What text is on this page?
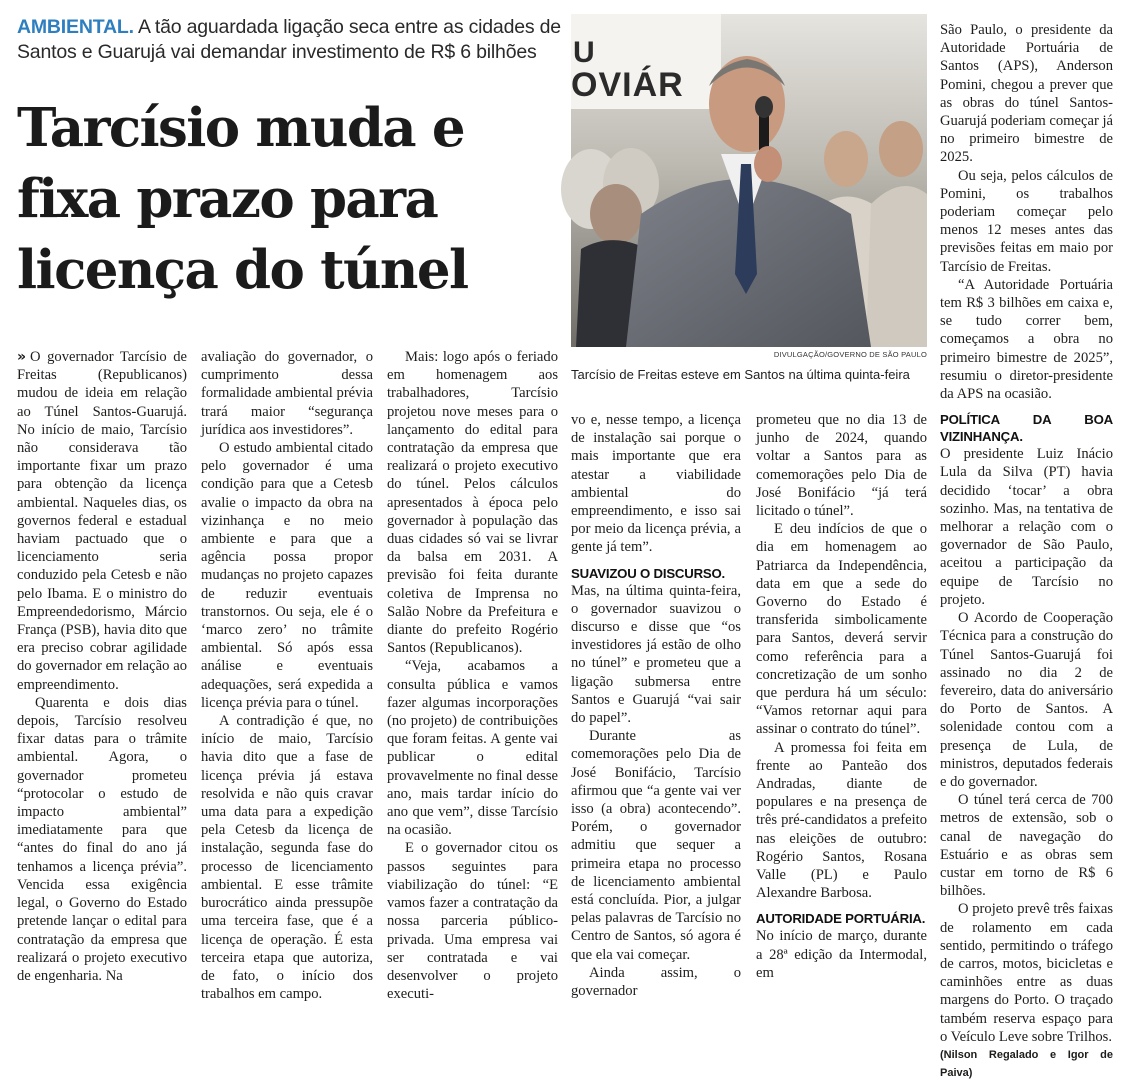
AMBIENTAL. A tão aguardada ligação seca entre as cidades de Santos e Guarujá vai demandar investimento de R$ 6 bilhões
Tarcísio muda e
fixa prazo para
licença do túnel
U
OVIÁR
DIVULGAÇÃO/GOVERNO DE SÃO PAULO
Tarcísio de Freitas esteve em Santos na última quinta-feira

» O governador Tarcísio de Freitas (Republicanos) mudou de ideia em relação ao Túnel Santos-Guarujá. No início de maio, Tarcísio não considerava tão importante fixar um prazo para obtenção da licença ambiental. Naqueles dias, os governos federal e estadual haviam pactuado que o licenciamento seria conduzido pela Cetesb e não pelo Ibama. E o ministro do Empreendedorismo, Márcio França (PSB), havia dito que era preciso cobrar agilidade do governador em relação ao empreendimento.

Quarenta e dois dias depois, Tarcísio resolveu fixar datas para o trâmite ambiental. Agora, o governador prometeu “protocolar o estudo de impacto ambiental” imediatamente para que “antes do final do ano já tenhamos a licença prévia”. Vencida essa exigência legal, o Governo do Estado pretende lançar o edital para contratação da empresa que realizará o projeto executivo de engenharia. Na

avaliação do governador, o cumprimento dessa formalidade ambiental prévia trará maior “segurança jurídica aos investidores”.

O estudo ambiental citado pelo governador é uma condição para que a Cetesb avalie o impacto da obra na vizinhança e no meio ambiente e para que a agência possa propor mudanças no projeto capazes de reduzir eventuais transtornos. Ou seja, ele é o ‘marco zero’ no trâmite ambiental. Só após essa análise e eventuais adequações, será expedida a licença prévia para o túnel.

A contradição é que, no início de maio, Tarcísio havia dito que a fase de licença prévia já estava resolvida e não quis cravar uma data para a expedição pela Cetesb da licença de instalação, segunda fase do processo de licenciamento ambiental. E esse trâmite burocrático ainda pressupõe uma terceira fase, que é a licença de operação. É esta terceira etapa que autoriza, de fato, o início dos trabalhos em campo.

Mais: logo após o feriado em homenagem aos trabalhadores, Tarcísio projetou nove meses para o lançamento do edital para contratação da empresa que realizará o projeto executivo do túnel. Pelos cálculos apresentados à época pelo governador à população das duas cidades só vai se livrar da balsa em 2031. A previsão foi feita durante coletiva de Imprensa no Salão Nobre da Prefeitura e diante do prefeito Rogério Santos (Republicanos).

“Veja, acabamos a consulta pública e vamos fazer algumas incorporações (no projeto) de contribuições que foram feitas. A gente vai publicar o edital provavelmente no final desse ano, mais tardar início do ano que vem”, disse Tarcísio na ocasião.

E o governador citou os passos seguintes para viabilização do túnel: “E vamos fazer a contratação da nossa parceria público-privada. Uma empresa vai ser contratada e vai desenvolver o projeto executi-

vo e, nesse tempo, a licença de instalação sai porque o mais importante que era atestar a viabilidade ambiental do empreendimento, e isso sai por meio da licença prévia, a gente já tem”.

SUAVIZOU O DISCURSO.

Mas, na última quinta-feira, o governador suavizou o discurso e disse que “os investidores já estão de olho no túnel” e prometeu que a ligação submersa entre Santos e Guarujá “vai sair do papel”.

Durante as comemorações pelo Dia de José Bonifácio, Tarcísio afirmou que “a gente vai ver isso (a obra) acontecendo”. Porém, o governador admitiu que sequer a primeira etapa no processo de licenciamento ambiental está concluída. Pior, a julgar pelas palavras de Tarcísio no Centro de Santos, só agora é que ela vai começar.

Ainda assim, o governador

prometeu que no dia 13 de junho de 2024, quando voltar a Santos para as comemorações pelo Dia de José Bonifácio “já terá licitado o túnel”.

E deu indícios de que o dia em homenagem ao Patriarca da Independência, data em que a sede do Governo do Estado é transferida simbolicamente para Santos, deverá servir como referência para a concretização de um sonho que perdura há um século: “Vamos retornar aqui para assinar o contrato do túnel”.

A promessa foi feita em frente ao Panteão dos Andradas, diante de populares e na presença de três pré-candidatos a prefeito nas eleições de outubro: Rogério Santos, Rosana Valle (PL) e Paulo Alexandre Barbosa.

AUTORIDADE PORTUÁRIA.

No início de março, durante a 28ª edição da Intermodal, em

São Paulo, o presidente da Autoridade Portuária de Santos (APS), Anderson Pomini, chegou a prever que as obras do túnel Santos-Guarujá poderiam começar já no primeiro bimestre de 2025.

Ou seja, pelos cálculos de Pomini, os trabalhos poderiam começar pelo menos 12 meses antes das previsões feitas em maio por Tarcísio de Freitas.

“A Autoridade Portuária tem R$ 3 bilhões em caixa e, se tudo correr bem, começamos a obra no primeiro bimestre de 2025”, resumiu o diretor-presidente da APS na ocasião.

POLÍTICA DA BOA VIZINHANÇA.

O presidente Luiz Inácio Lula da Silva (PT) havia decidido ‘tocar’ a obra sozinho. Mas, na tentativa de melhorar a relação com o governador de São Paulo, aceitou a participação da equipe de Tarcísio no projeto.

O Acordo de Cooperação Técnica para a construção do Túnel Santos-Guarujá foi assinado no dia 2 de fevereiro, data do aniversário do Porto de Santos. A solenidade contou com a presença de Lula, de ministros, deputados federais e do governador.

O túnel terá cerca de 700 metros de extensão, sob o canal de navegação do Estuário e as obras sem custar em torno de R$ 6 bilhões.

O projeto prevê três faixas de rolamento em cada sentido, permitindo o tráfego de carros, motos, bicicletas e caminhões entre as duas margens do Porto. O traçado também reserva espaço para o Veículo Leve sobre Trilhos.

(Nilson Regalado e Igor de Paiva)
